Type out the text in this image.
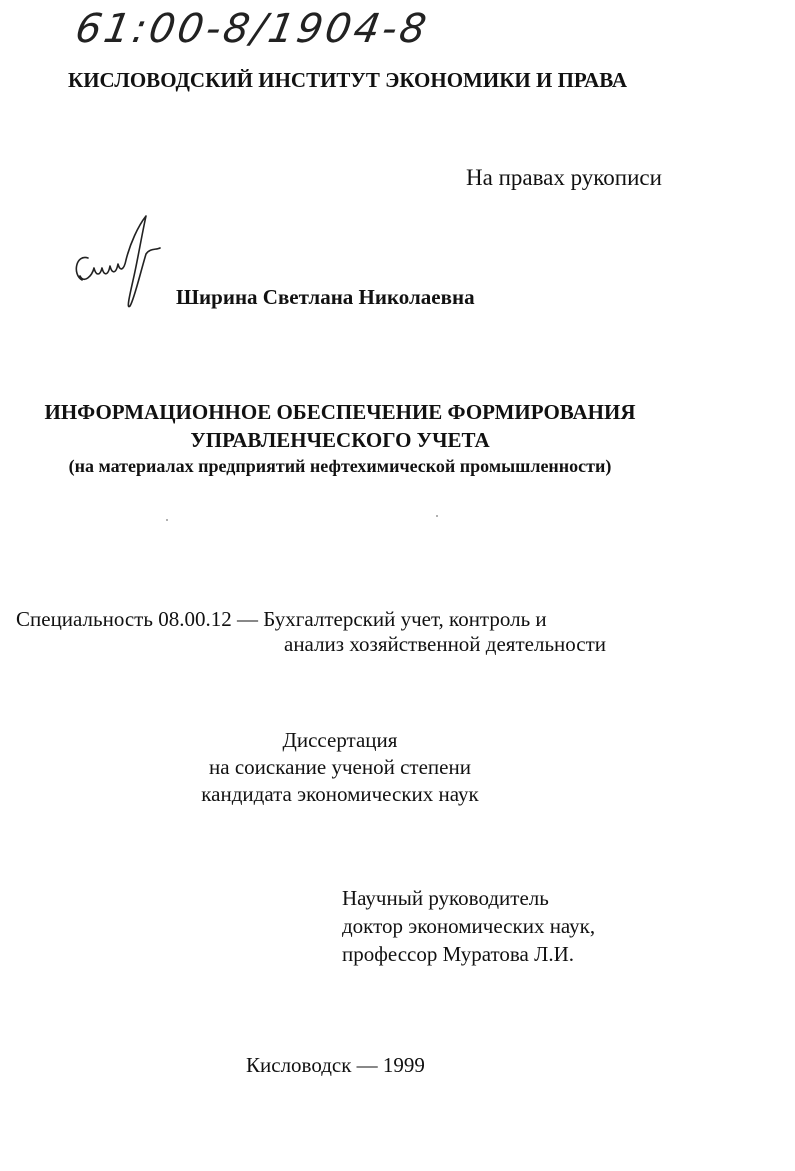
61:00-8/1904-8
КИСЛОВОДСКИЙ ИНСТИТУТ ЭКОНОМИКИ И ПРАВА
На правах рукописи
Ширина Светлана Николаевна
ИНФОРМАЦИОННОЕ ОБЕСПЕЧЕНИЕ ФОРМИРОВАНИЯ
УПРАВЛЕНЧЕСКОГО УЧЕТА
(на материалах предприятий нефтехимической промышленности)
Специальность 08.00.12 — Бухгалтерский учет, контроль и
анализ хозяйственной деятельности
Диссертация
на соискание ученой степени
кандидата экономических наук
Научный руководитель
доктор экономических наук,
профессор Муратова Л.И.
Кисловодск — 1999
